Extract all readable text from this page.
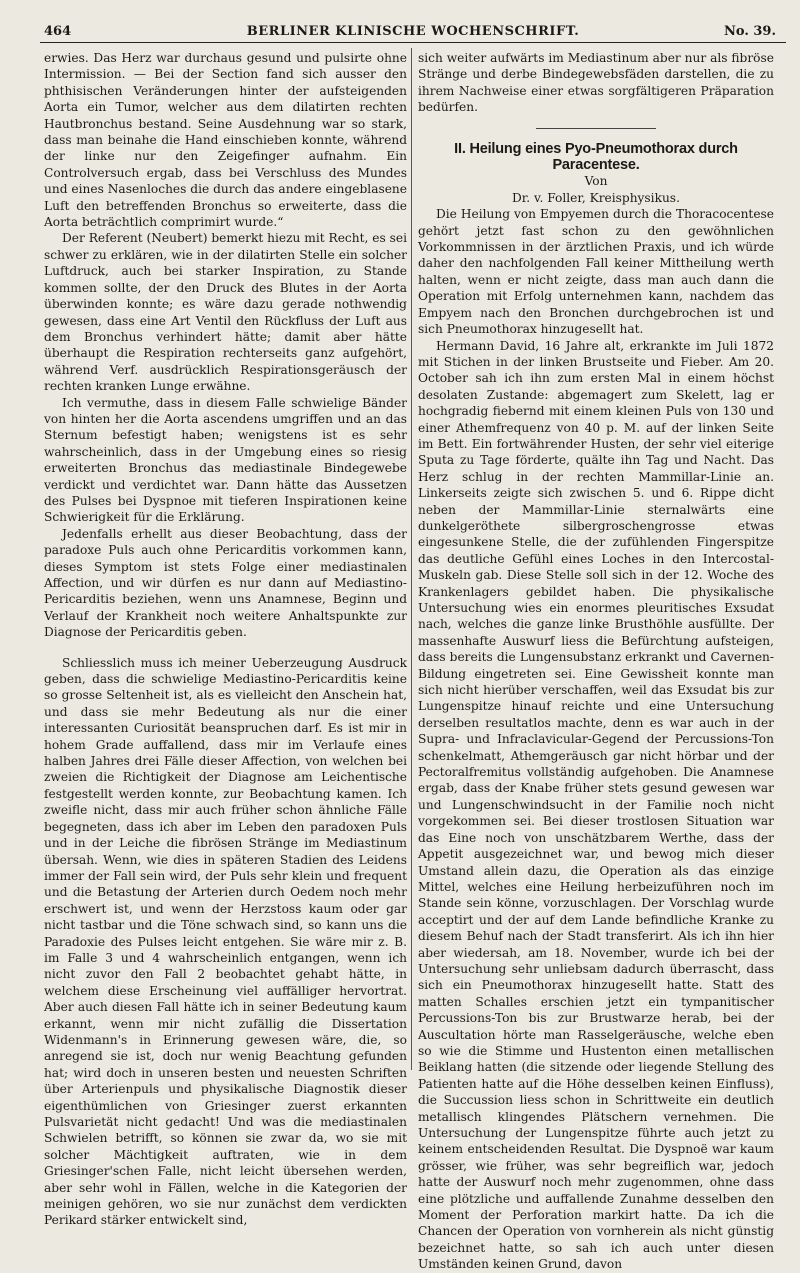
464	BERLINER KLINISCHE WOCHENSCHRIFT.	No. 39.

erwies. Das Herz war durchaus gesund und pulsirte ohne Intermission. — Bei der Section fand sich ausser den phthisischen Veränderungen hinter der aufsteigenden Aorta ein Tumor, welcher aus dem dilatirten rechten Hautbronchus bestand. Seine Ausdehnung war so stark, dass man beinahe die Hand einschieben konnte, während der linke nur den Zeigefinger aufnahm. Ein Controlversuch ergab, dass bei Verschluss des Mundes und eines Nasenloches die durch das andere eingeblasene Luft den betreffenden Bronchus so erweiterte, dass die Aorta beträchtlich comprimirt wurde.“

Der Referent (Neubert) bemerkt hiezu mit Recht, es sei schwer zu erklären, wie in der dilatirten Stelle ein solcher Luftdruck, auch bei starker Inspiration, zu Stande kommen sollte, der den Druck des Blutes in der Aorta überwinden konnte; es wäre dazu gerade nothwendig gewesen, dass eine Art Ventil den Rückfluss der Luft aus dem Bronchus verhindert hätte; damit aber hätte überhaupt die Respiration rechterseits ganz aufgehört, während Verf. ausdrücklich Respirationsgeräusch der rechten kranken Lunge erwähne.

Ich vermuthe, dass in diesem Falle schwielige Bänder von hinten her die Aorta ascendens umgriffen und an das Sternum befestigt haben; wenigstens ist es sehr wahrscheinlich, dass in der Umgebung eines so riesig erweiterten Bronchus das mediastinale Bindegewebe verdickt und verdichtet war. Dann hätte das Aussetzen des Pulses bei Dyspnoe mit tieferen Inspirationen keine Schwierigkeit für die Erklärung.

Jedenfalls erhellt aus dieser Beobachtung, dass der paradoxe Puls auch ohne Pericarditis vorkommen kann, dieses Symptom ist stets Folge einer mediastinalen Affection, und wir dürfen es nur dann auf Mediastino-Pericarditis beziehen, wenn uns Anamnese, Beginn und Verlauf der Krankheit noch weitere Anhaltspunkte zur Diagnose der Pericarditis geben.

Schliesslich muss ich meiner Ueberzeugung Ausdruck geben, dass die schwielige Mediastino-Pericarditis keine so grosse Seltenheit ist, als es vielleicht den Anschein hat, und dass sie mehr Bedeutung als nur die einer interessanten Curiosität beanspruchen darf. Es ist mir in hohem Grade auffallend, dass mir im Verlaufe eines halben Jahres drei Fälle dieser Affection, von welchen bei zweien die Richtigkeit der Diagnose am Leichentische festgestellt werden konnte, zur Beobachtung kamen. Ich zweifle nicht, dass mir auch früher schon ähnliche Fälle begegneten, dass ich aber im Leben den paradoxen Puls und in der Leiche die fibrösen Stränge im Mediastinum übersah. Wenn, wie dies in späteren Stadien des Leidens immer der Fall sein wird, der Puls sehr klein und frequent und die Betastung der Arterien durch Oedem noch mehr erschwert ist, und wenn der Herzstoss kaum oder gar nicht tastbar und die Töne schwach sind, so kann uns die Paradoxie des Pulses leicht entgehen. Sie wäre mir z. B. im Falle 3 und 4 wahrscheinlich entgangen, wenn ich nicht zuvor den Fall 2 beobachtet gehabt hätte, in welchem diese Erscheinung viel auffälliger hervortrat. Aber auch diesen Fall hätte ich in seiner Bedeutung kaum erkannt, wenn mir nicht zufällig die Dissertation Widenmann's in Erinnerung gewesen wäre, die, so anregend sie ist, doch nur wenig Beachtung gefunden hat; wird doch in unseren besten und neuesten Schriften über Arterienpuls und physikalische Diagnostik dieser eigenthümlichen von Griesinger zuerst erkannten Pulsvarietät nicht gedacht! Und was die mediastinalen Schwielen betrifft, so können sie zwar da, wo sie mit solcher Mächtigkeit auftraten, wie in dem Griesinger'schen Falle, nicht leicht übersehen werden, aber sehr wohl in Fällen, welche in die Kategorien der meinigen gehören, wo sie nur zunächst dem verdickten Perikard stärker entwickelt sind,

sich weiter aufwärts im Mediastinum aber nur als fibröse Stränge und derbe Bindegewebsfäden darstellen, die zu ihrem Nachweise einer etwas sorgfältigeren Präparation bedürfen.

II. Heilung eines Pyo-Pneumothorax durch Paracentese.

Von

Dr. v. Foller, Kreisphysikus.

Die Heilung von Empyemen durch die Thoracocentese gehört jetzt fast schon zu den gewöhnlichen Vorkommnissen in der ärztlichen Praxis, und ich würde daher den nachfolgenden Fall keiner Mittheilung werth halten, wenn er nicht zeigte, dass man auch dann die Operation mit Erfolg unternehmen kann, nachdem das Empyem nach den Bronchen durchgebrochen ist und sich Pneumothorax hinzugesellt hat.

Hermann David, 16 Jahre alt, erkrankte im Juli 1872 mit Stichen in der linken Brustseite und Fieber. Am 20. October sah ich ihn zum ersten Mal in einem höchst desolaten Zustande: abgemagert zum Skelett, lag er hochgradig fiebernd mit einem kleinen Puls von 130 und einer Athemfrequenz von 40 p. M. auf der linken Seite im Bett. Ein fortwährender Husten, der sehr viel eiterige Sputa zu Tage förderte, quälte ihn Tag und Nacht. Das Herz schlug in der rechten Mammillar-Linie an. Linkerseits zeigte sich zwischen 5. und 6. Rippe dicht neben der Mammillar-Linie sternalwärts eine dunkelgeröthete silbergroschengrosse etwas eingesunkene Stelle, die der zufühlenden Fingerspitze das deutliche Gefühl eines Loches in den Intercostal-Muskeln gab. Diese Stelle soll sich in der 12. Woche des Krankenlagers gebildet haben. Die physikalische Untersuchung wies ein enormes pleuritisches Exsudat nach, welches die ganze linke Brusthöhle ausfüllte. Der massenhafte Auswurf liess die Befürchtung aufsteigen, dass bereits die Lungensubstanz erkrankt und Cavernen-Bildung eingetreten sei. Eine Gewissheit konnte man sich nicht hierüber verschaffen, weil das Exsudat bis zur Lungenspitze hinauf reichte und eine Untersuchung derselben resultatlos machte, denn es war auch in der Supra- und Infraclavicular-Gegend der Percussions-Ton schenkelmatt, Athemgeräusch gar nicht hörbar und der Pectoralfremitus vollständig aufgehoben. Die Anamnese ergab, dass der Knabe früher stets gesund gewesen war und Lungenschwindsucht in der Familie noch nicht vorgekommen sei. Bei dieser trostlosen Situation war das Eine noch von unschätzbarem Werthe, dass der Appetit ausgezeichnet war, und bewog mich dieser Umstand allein dazu, die Operation als das einzige Mittel, welches eine Heilung herbeizuführen noch im Stande sein könne, vorzuschlagen. Der Vorschlag wurde acceptirt und der auf dem Lande befindliche Kranke zu diesem Behuf nach der Stadt transferirt. Als ich ihn hier aber wiedersah, am 18. November, wurde ich bei der Untersuchung sehr unliebsam dadurch überrascht, dass sich ein Pneumothorax hinzugesellt hatte. Statt des matten Schalles erschien jetzt ein tympanitischer Percussions-Ton bis zur Brustwarze herab, bei der Auscultation hörte man Rasselgeräusche, welche eben so wie die Stimme und Hustenton einen metallischen Beiklang hatten (die sitzende oder liegende Stellung des Patienten hatte auf die Höhe desselben keinen Einfluss), die Succussion liess schon in Schrittweite ein deutlich metallisch klingendes Plätschern vernehmen. Die Untersuchung der Lungenspitze führte auch jetzt zu keinem entscheidenden Resultat. Die Dyspnoë war kaum grösser, wie früher, was sehr begreiflich war, jedoch hatte der Auswurf noch mehr zugenommen, ohne dass eine plötzliche und auffallende Zunahme desselben den Moment der Perforation markirt hatte. Da ich die Chancen der Operation von vornherein als nicht günstig bezeichnet hatte, so sah ich auch unter diesen Umständen keinen Grund, davon
